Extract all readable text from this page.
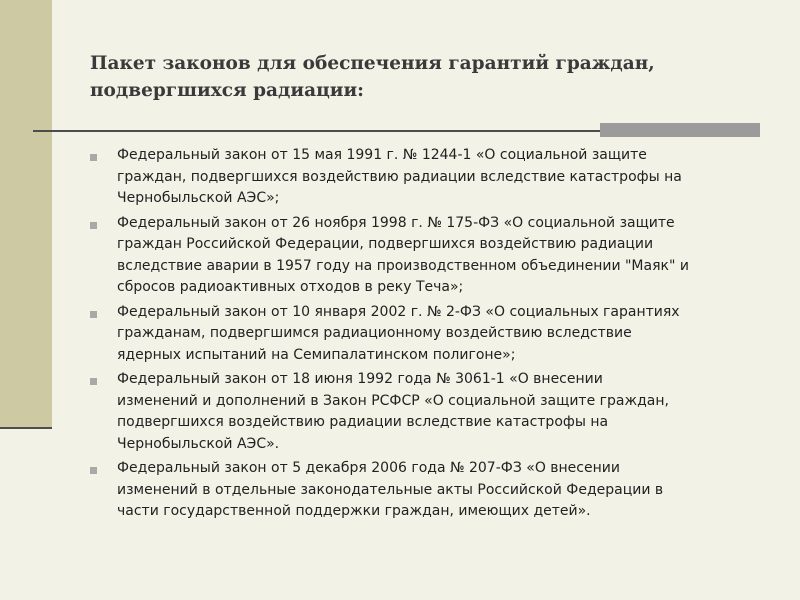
Пакет законов для обеспечения гарантий граждан,
подвергшихся радиации:
Федеральный закон от 15 мая 1991 г. № 1244-1 «О социальной защите
граждан, подвергшихся воздействию радиации вследствие катастрофы на
Чернобыльской АЭС»;
Федеральный закон от 26 ноября 1998 г. № 175-ФЗ «О социальной защите
граждан Российской Федерации, подвергшихся воздействию радиации
вследствие аварии в 1957 году на производственном объединении "Маяк" и
сбросов радиоактивных отходов в реку Теча»;
Федеральный закон от 10 января 2002 г. № 2-ФЗ «О социальных гарантиях
гражданам, подвергшимся радиационному воздействию вследствие
ядерных испытаний на Семипалатинском полигоне»;
Федеральный закон от 18 июня 1992 года № 3061-1 «О внесении
изменений и дополнений в Закон РСФСР «О социальной защите граждан,
подвергшихся воздействию радиации вследствие катастрофы на
Чернобыльской АЭС».
Федеральный закон от 5 декабря 2006 года № 207-ФЗ «О внесении
изменений в отдельные законодательные акты Российской Федерации в
части государственной поддержки граждан, имеющих детей».
